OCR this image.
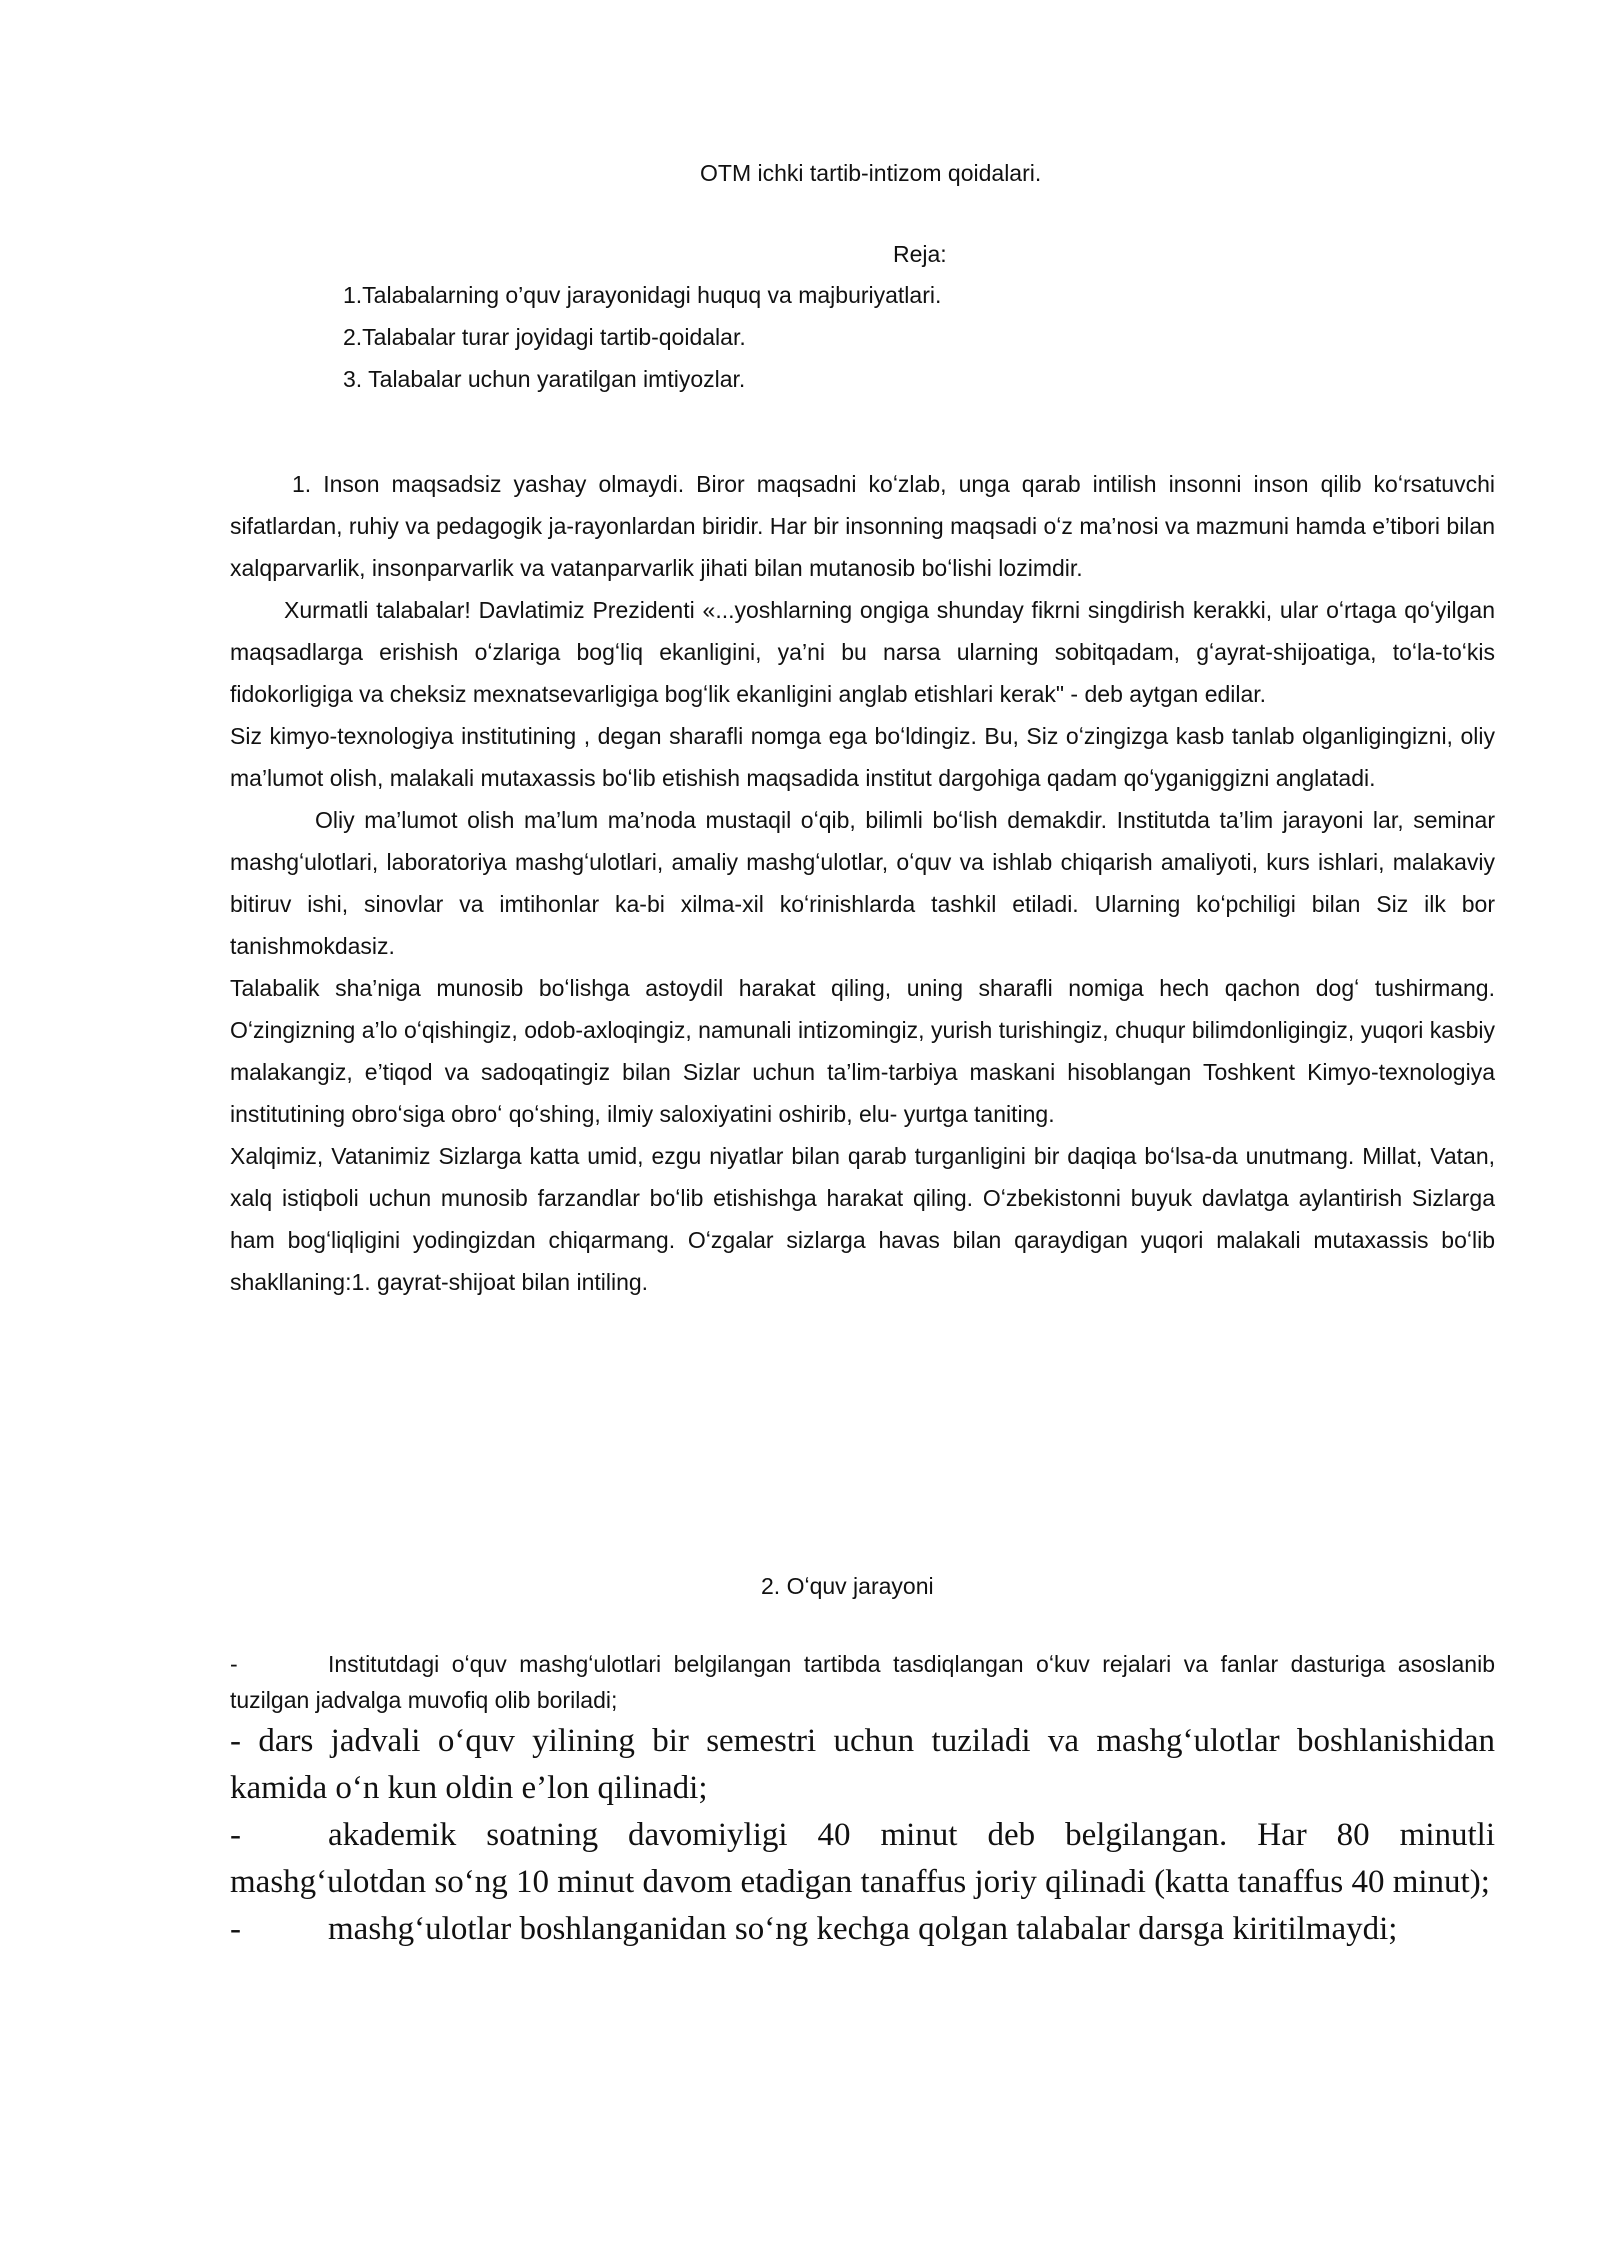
OTM ichki tartib-intizom qoidalari.
Reja:
1.Talabalarning o’quv jarayonidagi huquq va majburiyatlari.
2.Talabalar turar joyidagi tartib-qoidalar.
3. Talabalar uchun yaratilgan imtiyozlar.

1. Inson maqsadsiz yashay olmaydi. Biror maqsadni koʻzlab, unga qarab intilish insonni inson qilib koʻrsatuvchi sifatlardan, ruhiy va pedagogik ja-rayonlardan biridir. Har bir insonning maqsadi oʻz ma’nosi va mazmuni hamda e’tibori bilan xalqparvarlik, insonparvarlik va vatanparvarlik jihati bilan mutanosib boʻlishi lozimdir.

Xurmatli talabalar! Davlatimiz Prezidenti «...yoshlarning ongiga shunday fikrni singdirish kerakki, ular oʻrtaga qoʻyilgan maqsadlarga erishish oʻzlariga bogʻliq ekanligini, ya’ni bu narsa ularning sobitqadam, gʻayrat-shijoatiga, toʻla-toʻkis fidokorligiga va cheksiz mexnatsevarligiga bogʻlik ekanligini anglab etishlari kerak" - deb aytgan edilar.

Siz kimyo-texnologiya institutining , degan sharafli nomga ega boʻldingiz. Bu, Siz oʻzingizga kasb tanlab olganligingizni, oliy ma’lumot olish, malakali mutaxassis boʻlib etishish maqsadida institut dargohiga qadam qoʻyganiggizni anglatadi.

Oliy ma’lumot olish ma’lum ma’noda mustaqil oʻqib, bilimli boʻlish demakdir. Institutda ta’lim jarayoni lar, seminar mashgʻulotlari, laboratoriya mashgʻulotlari, amaliy mashgʻulotlar, oʻquv va ishlab chiqarish amaliyoti, kurs ishlari, malakaviy bitiruv ishi, sinovlar va imtihonlar ka-bi xilma-xil koʻrinishlarda tashkil etiladi. Ularning koʻpchiligi bilan Siz ilk bor tanishmokdasiz.

Talabalik sha’niga munosib boʻlishga astoydil harakat qiling, uning sharafli nomiga hech qachon dogʻ tushirmang. Oʻzingizning a’lo oʻqishingiz, odob-axloqingiz, namunali intizomingiz, yurish turishingiz, chuqur bilimdonligingiz, yuqori kasbiy malakangiz, e’tiqod va sadoqatingiz bilan Sizlar uchun ta’lim-tarbiya maskani hisoblangan Toshkent Kimyo-texnologiya institutining obroʻsiga obroʻ qoʻshing, ilmiy saloxiyatini oshirib, elu- yurtga taniting.

Xalqimiz, Vatanimiz Sizlarga katta umid, ezgu niyatlar bilan qarab turganligini bir daqiqa boʻlsa-da unutmang. Millat, Vatan, xalq istiqboli uchun munosib farzandlar boʻlib etishishga harakat qiling. Oʻzbekistonni buyuk davlatga aylantirish Sizlarga ham bogʻliqligini yodingizdan chiqarmang. Oʻzgalar sizlarga havas bilan qaraydigan yuqori malakali mutaxassis boʻlib shakllaning:1. gayrat-shijoat bilan intiling.

2. Oʻquv jarayoni

-	Institutdagi oʻquv mashgʻulotlari belgilangan tartibda tasdiqlangan oʻkuv rejalari va fanlar dasturiga asoslanib tuzilgan jadvalga muvofiq olib boriladi;

- dars jadvali oʻquv yilining bir semestri uchun tuziladi va mashgʻulotlar boshlanishidan kamida oʻn kun oldin e’lon qilinadi;

-	akademik soatning davomiyligi 40 minut deb belgilangan. Har 80 minutli mashgʻulotdan soʻng 10 minut davom etadigan tanaffus joriy qilinadi (katta tanaffus 40 minut);

-	mashgʻulotlar boshlanganidan soʻng kechga qolgan talabalar darsga kiritilmaydi;
